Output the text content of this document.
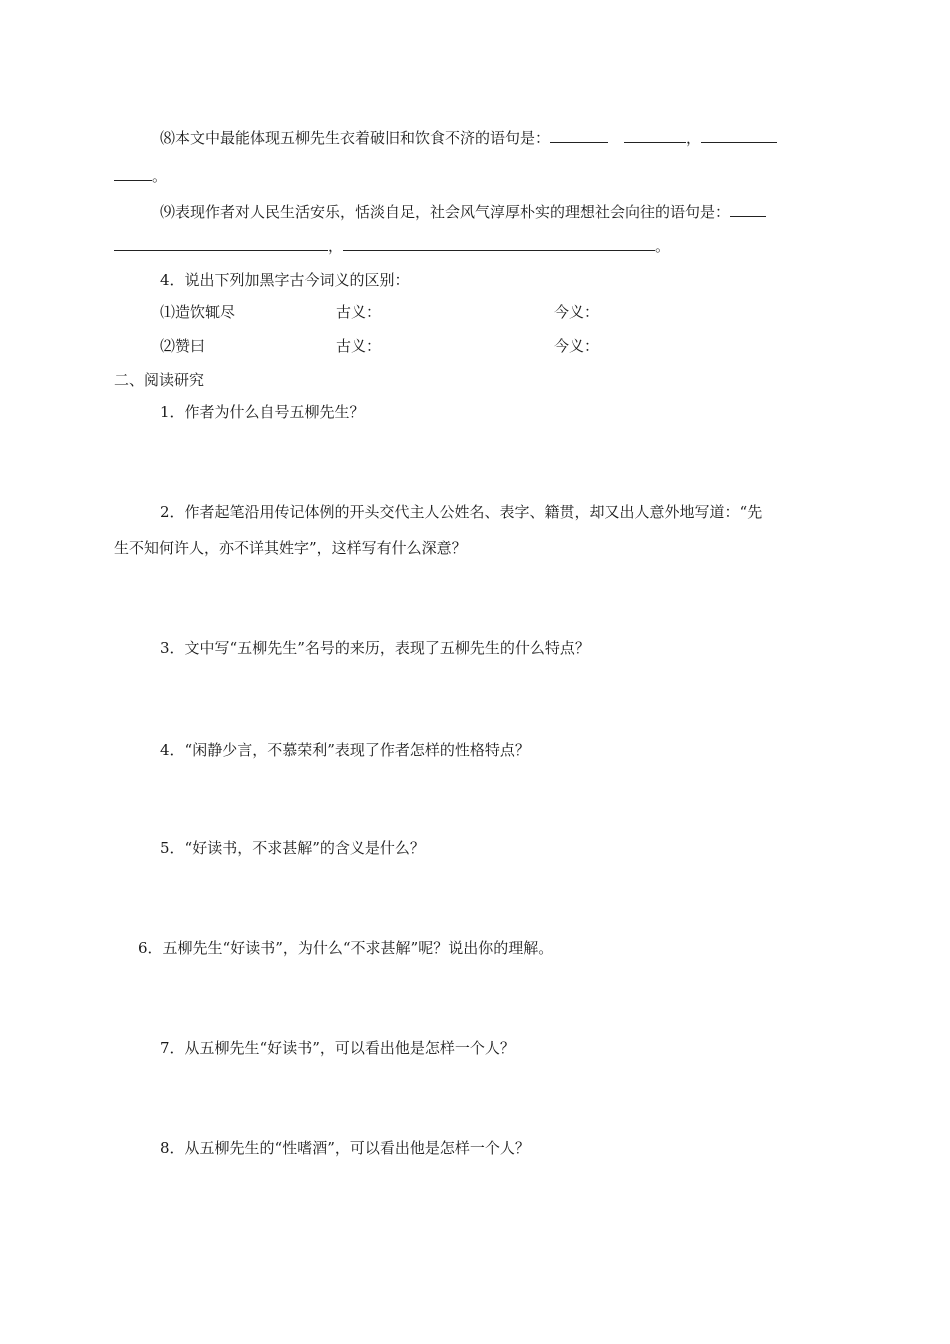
⑻本文中最能体现五柳先生衣着破旧和饮食不济的语句是：	，
。
⑼表现作者对人民生活安乐，恬淡自足，社会风气淳厚朴实的理想社会向往的语句是：
，	。
4．说出下列加黑字古今词义的区别：
⑴造饮辄尽	古义：	今义：
⑵赞曰	古义：	今义：
二、阅读研究
1．作者为什么自号五柳先生？
2．作者起笔沿用传记体例的开头交代主人公姓名、表字、籍贯，却又出人意外地写道：“先
生不知何许人，亦不详其姓字”，这样写有什么深意？
3．文中写“五柳先生”名号的来历，表现了五柳先生的什么特点？
4．“闲静少言，不慕荣利”表现了作者怎样的性格特点？
5．“好读书，不求甚解”的含义是什么？
6．五柳先生“好读书”，为什么“不求甚解”呢？说出你的理解。
7．从五柳先生“好读书”，可以看出他是怎样一个人？
8．从五柳先生的“性嗜酒”，可以看出他是怎样一个人？
